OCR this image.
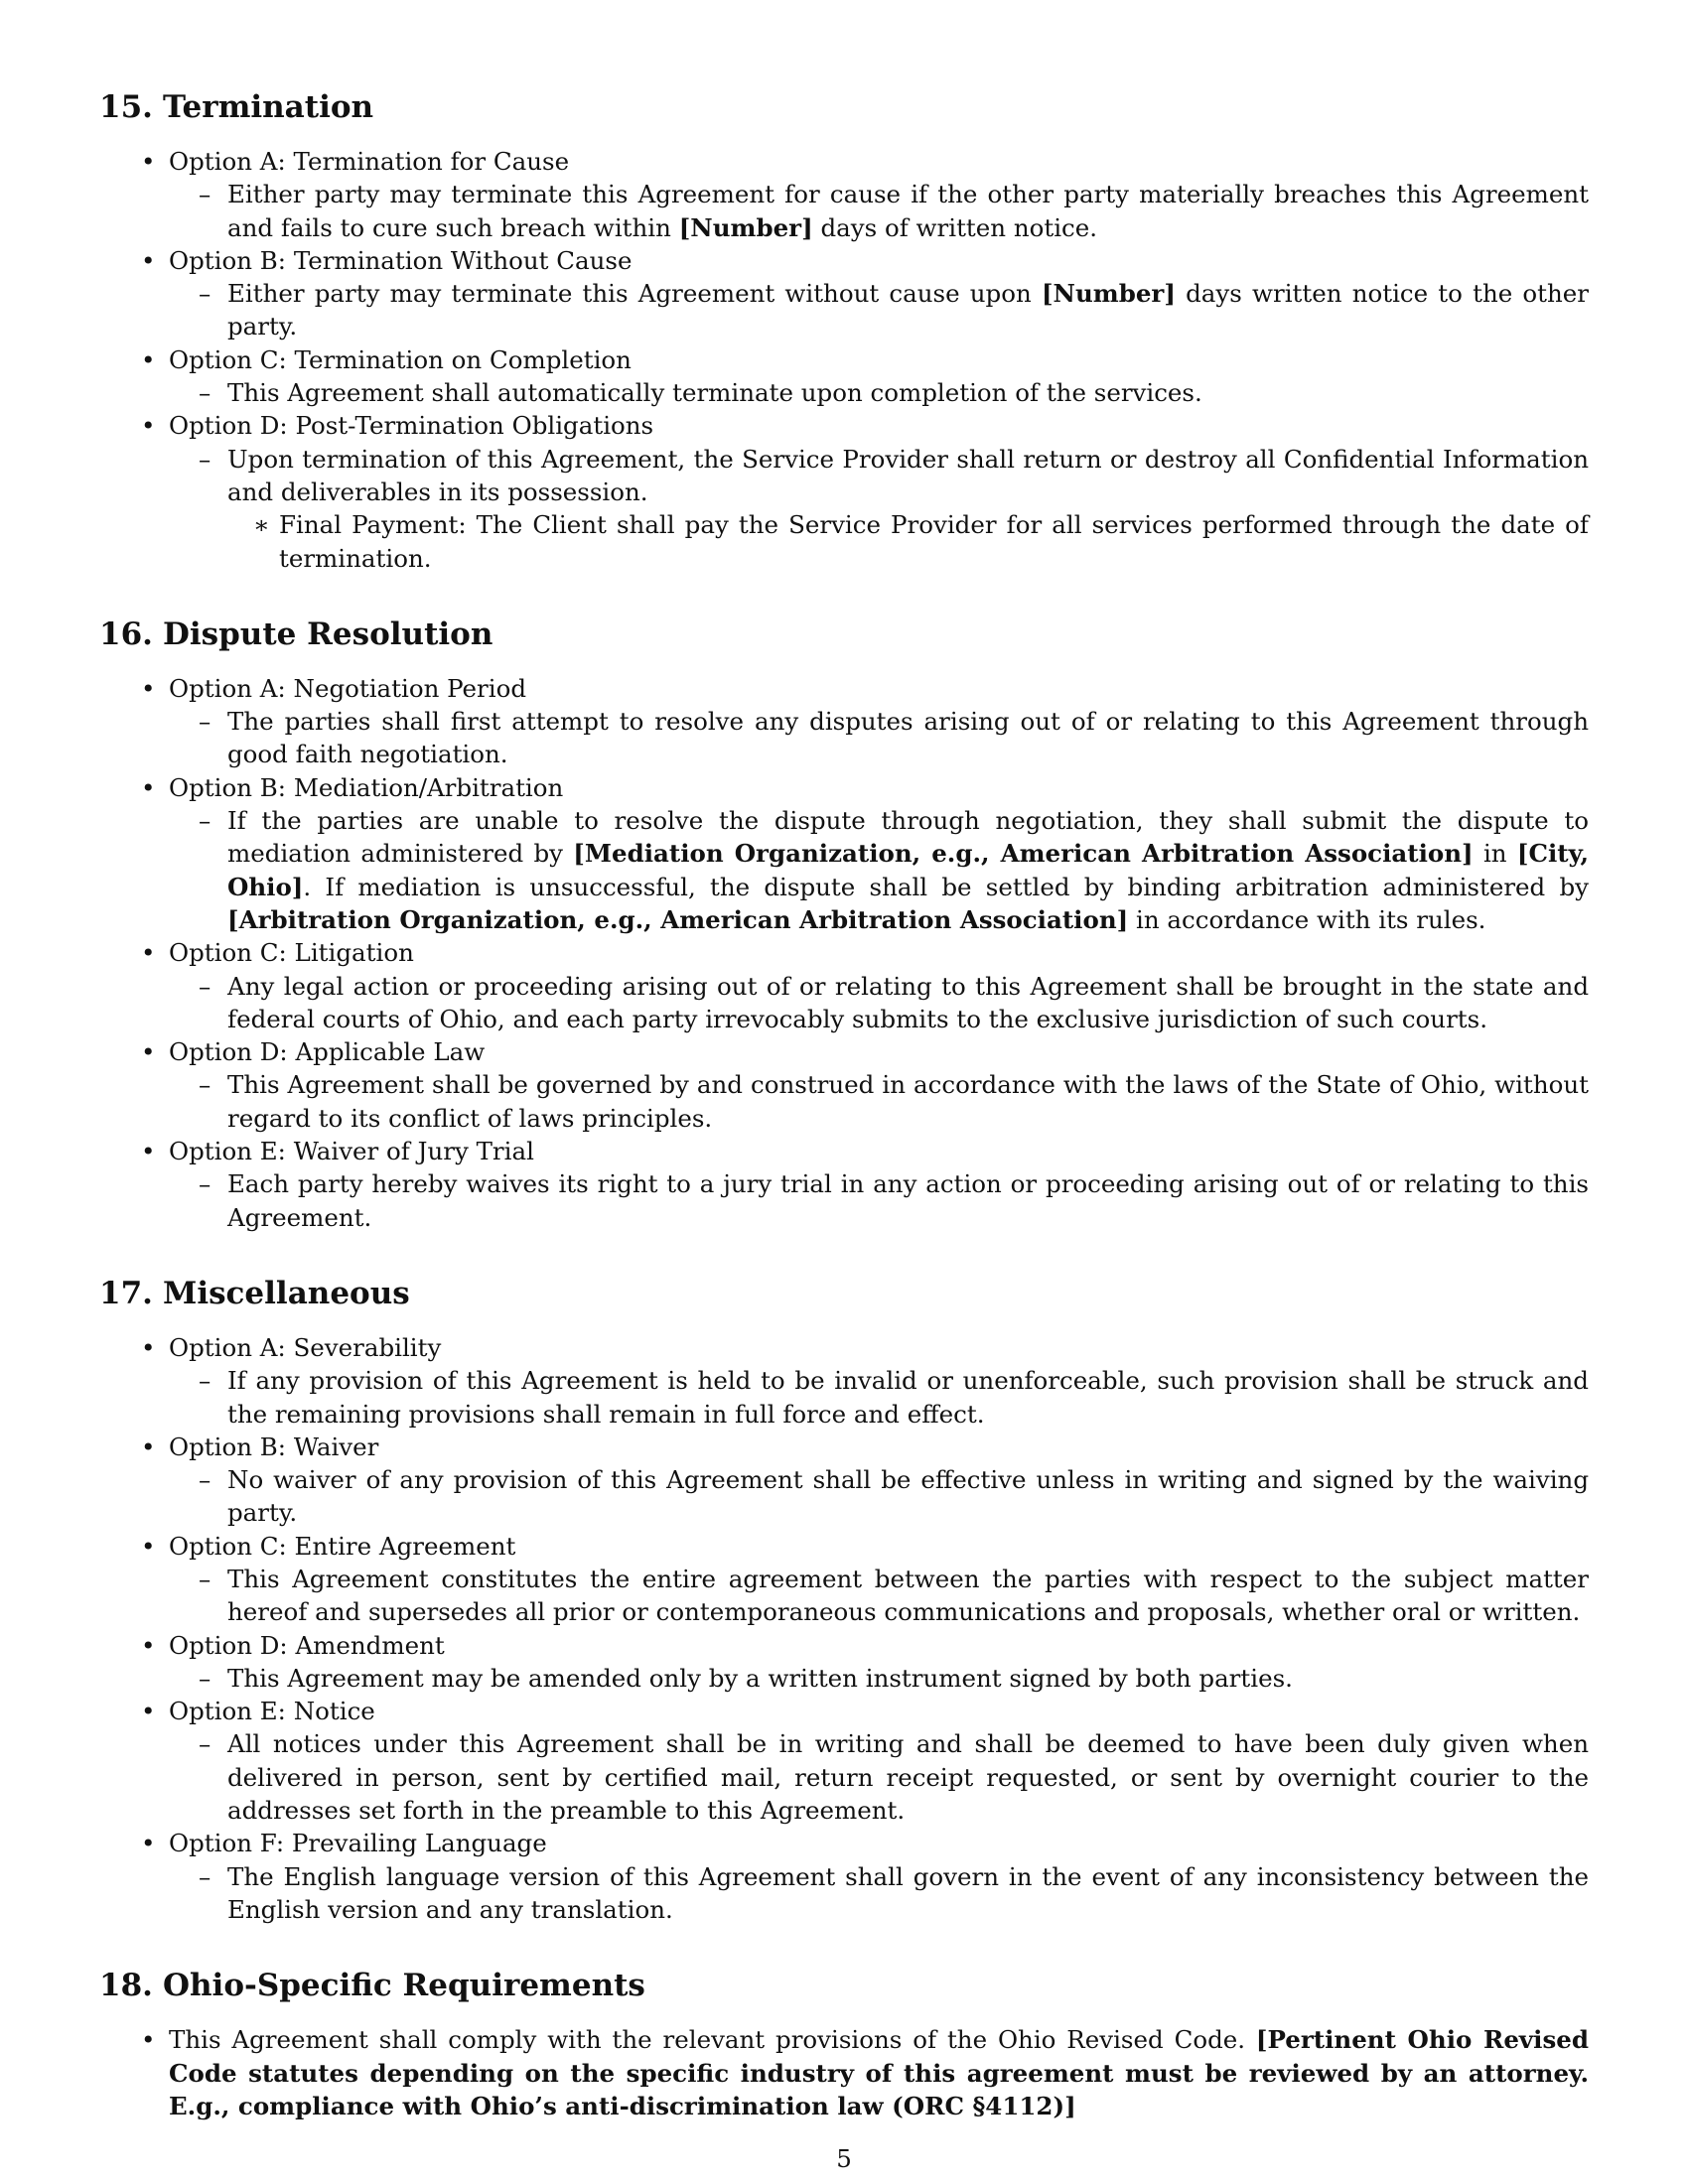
15. Termination
• Option A: Termination for Cause
– Either party may terminate this Agreement for cause if the other party materially breaches this Agreement and fails to cure such breach within [Number] days of written notice.
• Option B: Termination Without Cause
– Either party may terminate this Agreement without cause upon [Number] days written notice to the other party.
• Option C: Termination on Completion
– This Agreement shall automatically terminate upon completion of the services.
• Option D: Post-Termination Obligations
– Upon termination of this Agreement, the Service Provider shall return or destroy all Confidential Information and deliverables in its possession.
∗ Final Payment: The Client shall pay the Service Provider for all services performed through the date of termination.
16. Dispute Resolution
• Option A: Negotiation Period
– The parties shall first attempt to resolve any disputes arising out of or relating to this Agreement through good faith negotiation.
• Option B: Mediation/Arbitration
– If the parties are unable to resolve the dispute through negotiation, they shall submit the dispute to mediation administered by [Mediation Organization, e.g., American Arbitration Association] in [City, Ohio]. If mediation is unsuccessful, the dispute shall be settled by binding arbitration administered by [Arbitration Organization, e.g., American Arbitration Association] in accordance with its rules.
• Option C: Litigation
– Any legal action or proceeding arising out of or relating to this Agreement shall be brought in the state and federal courts of Ohio, and each party irrevocably submits to the exclusive jurisdiction of such courts.
• Option D: Applicable Law
– This Agreement shall be governed by and construed in accordance with the laws of the State of Ohio, without regard to its conflict of laws principles.
• Option E: Waiver of Jury Trial
– Each party hereby waives its right to a jury trial in any action or proceeding arising out of or relating to this Agreement.
17. Miscellaneous
• Option A: Severability
– If any provision of this Agreement is held to be invalid or unenforceable, such provision shall be struck and the remaining provisions shall remain in full force and effect.
• Option B: Waiver
– No waiver of any provision of this Agreement shall be effective unless in writing and signed by the waiving party.
• Option C: Entire Agreement
– This Agreement constitutes the entire agreement between the parties with respect to the subject matter hereof and supersedes all prior or contemporaneous communications and proposals, whether oral or written.
• Option D: Amendment
– This Agreement may be amended only by a written instrument signed by both parties.
• Option E: Notice
– All notices under this Agreement shall be in writing and shall be deemed to have been duly given when delivered in person, sent by certified mail, return receipt requested, or sent by overnight courier to the addresses set forth in the preamble to this Agreement.
• Option F: Prevailing Language
– The English language version of this Agreement shall govern in the event of any inconsistency between the English version and any translation.
18. Ohio-Specific Requirements
• This Agreement shall comply with the relevant provisions of the Ohio Revised Code. [Pertinent Ohio Revised Code statutes depending on the specific industry of this agreement must be reviewed by an attorney. E.g., compliance with Ohio’s anti-discrimination law (ORC §4112)]
5
